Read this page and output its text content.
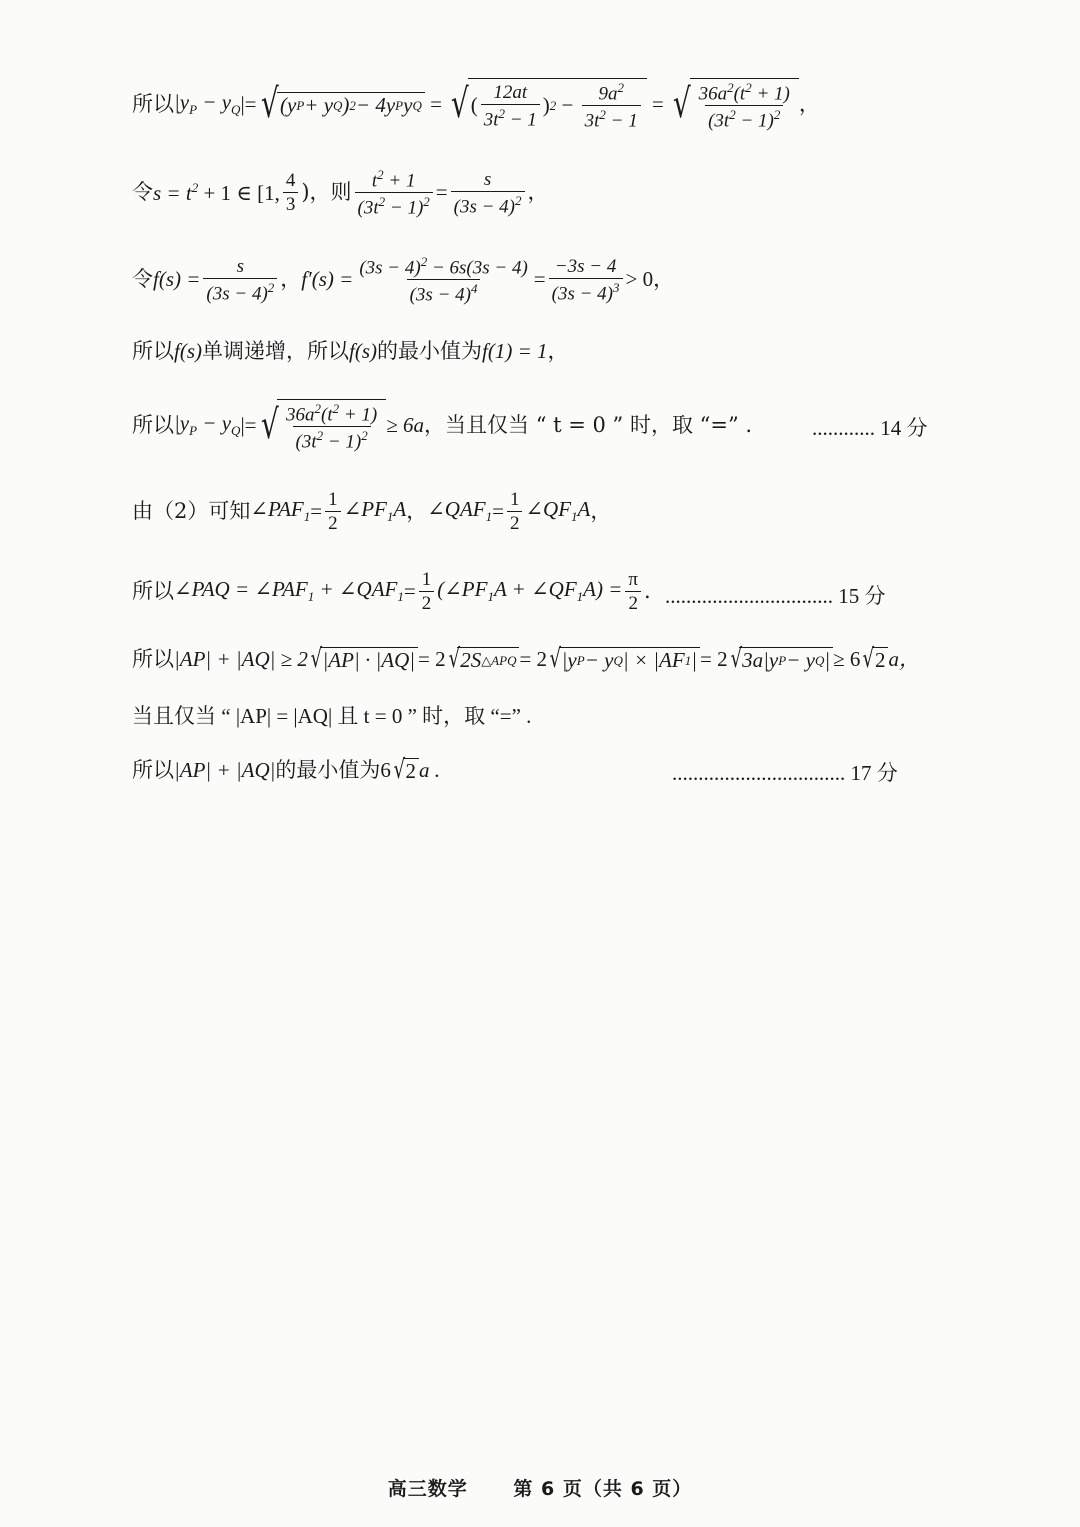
所以 $|y_P - y_Q$ |= √ (y P + y Q ) 2 − 4y P y Q = √ ( $\frac{12at}{3t^2 - 1}$ ) $2 - \frac{9a^2}{3t^2 - 1}$ = √ $\frac{36a^2(t^2 + 1)}{(3t^2 - 1)^2}$ ，
令 $s = t^2 + 1$ ∈ [1, $\frac{4}{3}$ )，则 $\frac{t^2 + 1}{(3t^2 - 1)^2} = \frac{s}{(3s - 4)^2}$ ，
令 $f(s) = \frac{s}{(3s - 4)^2}$ ， $f'(s) = \frac{(3s - 4)^2 - 6s(3s - 4)}{(3s - 4)^4} = \frac{-3s - 4}{(3s - 4)^3} > 0$，
所以 f(s) 单调递增，所以 f(s) 的最小值为 f(1) = 1 ，
所以 $|y_P - y_Q$ |= √ $\frac{36a^2(t^2 + 1)}{(3t^2 - 1)^2} \ge 6a$ ，当且仅当 “ t = 0 ” 时，取 “=” .	............ 14 分
由（2）可知 $\angle PAF_1 = \frac{1}{2}$ $\angle PF_1A$ ， $\angle QAF_1 = \frac{1}{2}$ $\angle QF_1A$ ，
所以 ∠PAQ = $\angle PAF_1$ + $\angle QAF_1 = \frac{1}{2}$ ($\angle PF_1A$ + $\angle QF_1A) = \frac{\pi}{2}$ . ................................ 15 分
所以 |AP| + |AQ| ≥ 2 √ |AP| · |AQ| = 2 √ 2S △APQ = 2 √ |y P − y Q | × |AF 1 | = 2 √ 3a|y P − y Q | ≥ 6 √ 2 a，
当且仅当 “ |AP| = |AQ| 且 t = 0 ” 时，取 “=” .
所以 |AP| + |AQ| 的最小值为 6 √ 2 a .	................................. 17 分
高三数学 第 6 页（共 6 页）
